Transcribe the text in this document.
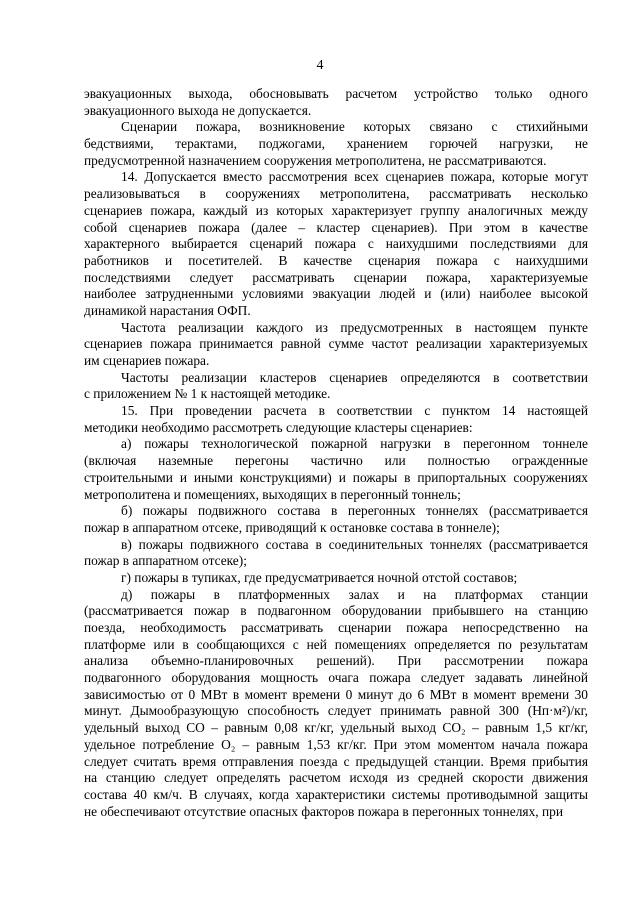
4
эвакуационных выхода, обосновывать расчетом устройство только одного
эвакуационного выхода не допускается.
Сценарии пожара, возникновение которых связано с стихийными
бедствиями, терактами, поджогами, хранением горючей нагрузки, не
предусмотренной назначением сооружения метрополитена, не рассматриваются.
14. Допускается вместо рассмотрения всех сценариев пожара, которые могут
реализовываться в сооружениях метрополитена, рассматривать несколько
сценариев пожара, каждый из которых характеризует группу аналогичных между
собой сценариев пожара (далее – кластер сценариев). При этом в качестве
характерного выбирается сценарий пожара с наихудшими последствиями для
работников и посетителей. В качестве сценария пожара с наихудшими
последствиями следует рассматривать сценарии пожара, характеризуемые
наиболее затрудненными условиями эвакуации людей и (или) наиболее высокой
динамикой нарастания ОФП.
Частота реализации каждого из предусмотренных в настоящем пункте
сценариев пожара принимается равной сумме частот реализации характеризуемых
им сценариев пожара.
Частоты реализации кластеров сценариев определяются в соответствии
с приложением № 1 к настоящей методике.
15. При проведении расчета в соответствии с пунктом 14 настоящей
методики необходимо рассмотреть следующие кластеры сценариев:
а) пожары технологической пожарной нагрузки в перегонном тоннеле
(включая наземные перегоны частично или полностью огражденные
строительными и иными конструкциями) и пожары в припортальных сооружениях
метрополитена и помещениях, выходящих в перегонный тоннель;
б) пожары подвижного состава в перегонных тоннелях (рассматривается
пожар в аппаратном отсеке, приводящий к остановке состава в тоннеле);
в) пожары подвижного состава в соединительных тоннелях (рассматривается
пожар в аппаратном отсеке);
г) пожары в тупиках, где предусматривается ночной отстой составов;
д) пожары в платформенных залах и на платформах станции
(рассматривается пожар в подвагонном оборудовании прибывшего на станцию
поезда, необходимость рассматривать сценарии пожара непосредственно на
платформе или в сообщающихся с ней помещениях определяется по результатам
анализа объемно-планировочных решений). При рассмотрении пожара
подвагонного оборудования мощность очага пожара следует задавать линейной
зависимостью от 0 МВт в момент времени 0 минут до 6 МВт в момент времени 30
минут. Дымообразующую способность следует принимать равной 300 (Нп·м²)/кг,
удельный выход СО – равным 0,08 кг/кг, удельный выход СО₂ – равным 1,5 кг/кг,
удельное потребление О₂ – равным 1,53 кг/кг. При этом моментом начала пожара
следует считать время отправления поезда с предыдущей станции. Время прибытия
на станцию следует определять расчетом исходя из средней скорости движения
состава 40 км/ч. В случаях, когда характеристики системы противодымной защиты
не обеспечивают отсутствие опасных факторов пожара в перегонных тоннелях, при
